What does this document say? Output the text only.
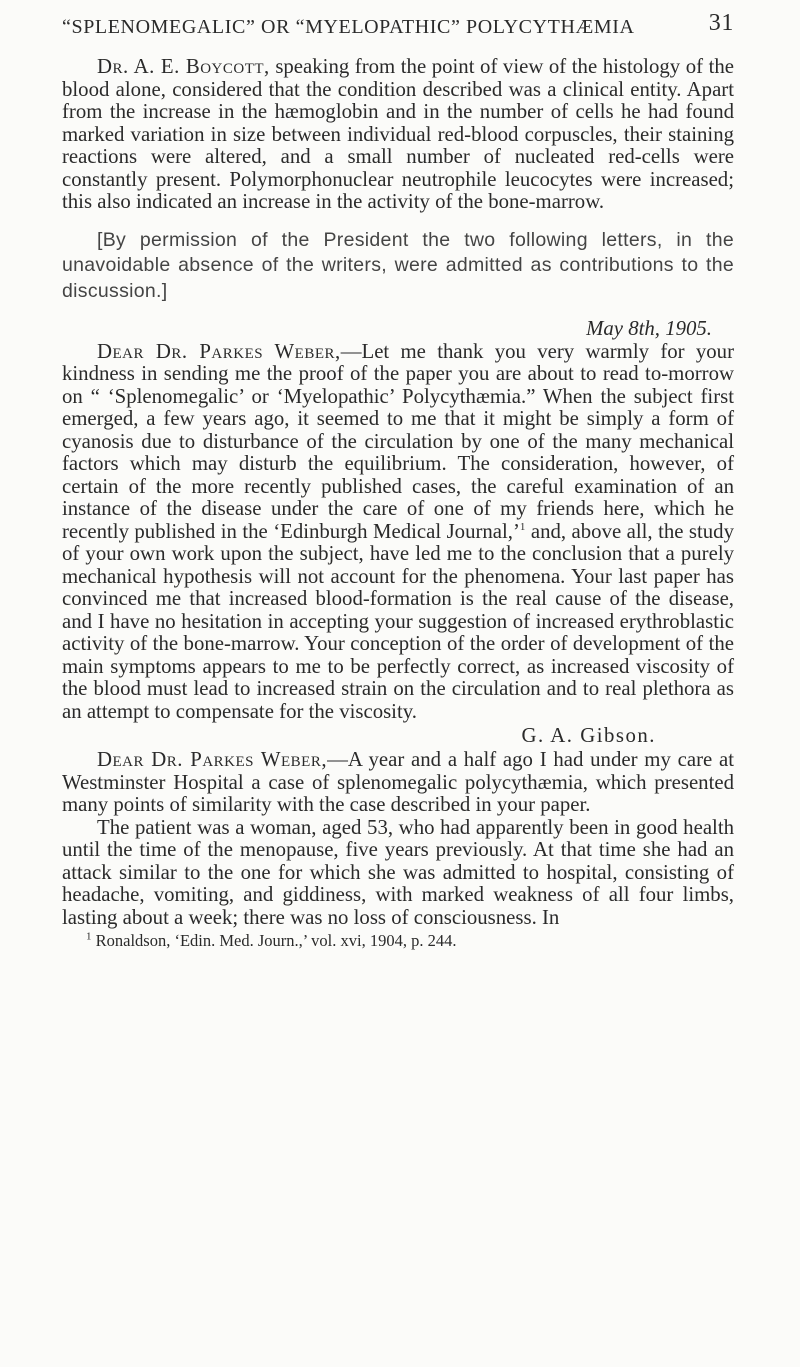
“SPLENOMEGALIC” OR “MYELOPATHIC” POLYCYTHÆMIA	31

Dr. A. E. Boycott, speaking from the point of view of the histology of the blood alone, considered that the condition described was a clinical entity. Apart from the increase in the hæmoglobin and in the number of cells he had found marked variation in size between individual red-blood corpuscles, their staining reactions were altered, and a small number of nucleated red-cells were constantly present. Polymorphonuclear neutrophile leucocytes were increased; this also indicated an increase in the activity of the bone-marrow.

[By permission of the President the two following letters, in the unavoidable absence of the writers, were admitted as contributions to the discussion.]

May 8th, 1905.

Dear Dr. Parkes Weber,—Let me thank you very warmly for your kindness in sending me the proof of the paper you are about to read to-morrow on “ ‘Splenomegalic’ or ‘Myelopathic’ Polycythæmia.” When the subject first emerged, a few years ago, it seemed to me that it might be simply a form of cyanosis due to disturbance of the circulation by one of the many mechanical factors which may disturb the equilibrium. The consideration, however, of certain of the more recently published cases, the careful examination of an instance of the disease under the care of one of my friends here, which he recently published in the ‘Edinburgh Medical Journal,’$^1$ and, above all, the study of your own work upon the subject, have led me to the conclusion that a purely mechanical hypothesis will not account for the phenomena. Your last paper has convinced me that increased blood-formation is the real cause of the disease, and I have no hesitation in accepting your suggestion of increased erythroblastic activity of the bone-marrow. Your conception of the order of development of the main symptoms appears to me to be perfectly correct, as increased viscosity of the blood must lead to increased strain on the circulation and to real plethora as an attempt to compensate for the viscosity.

G. A. Gibson.

Dear Dr. Parkes Weber,—A year and a half ago I had under my care at Westminster Hospital a case of splenomegalic polycythæmia, which presented many points of similarity with the case described in your paper.

The patient was a woman, aged 53, who had apparently been in good health until the time of the menopause, five years previously. At that time she had an attack similar to the one for which she was admitted to hospital, consisting of headache, vomiting, and giddiness, with marked weakness of all four limbs, lasting about a week; there was no loss of consciousness. In

$^1$ Ronaldson, ‘Edin. Med. Journ.,’ vol. xvi, 1904, p. 244.
